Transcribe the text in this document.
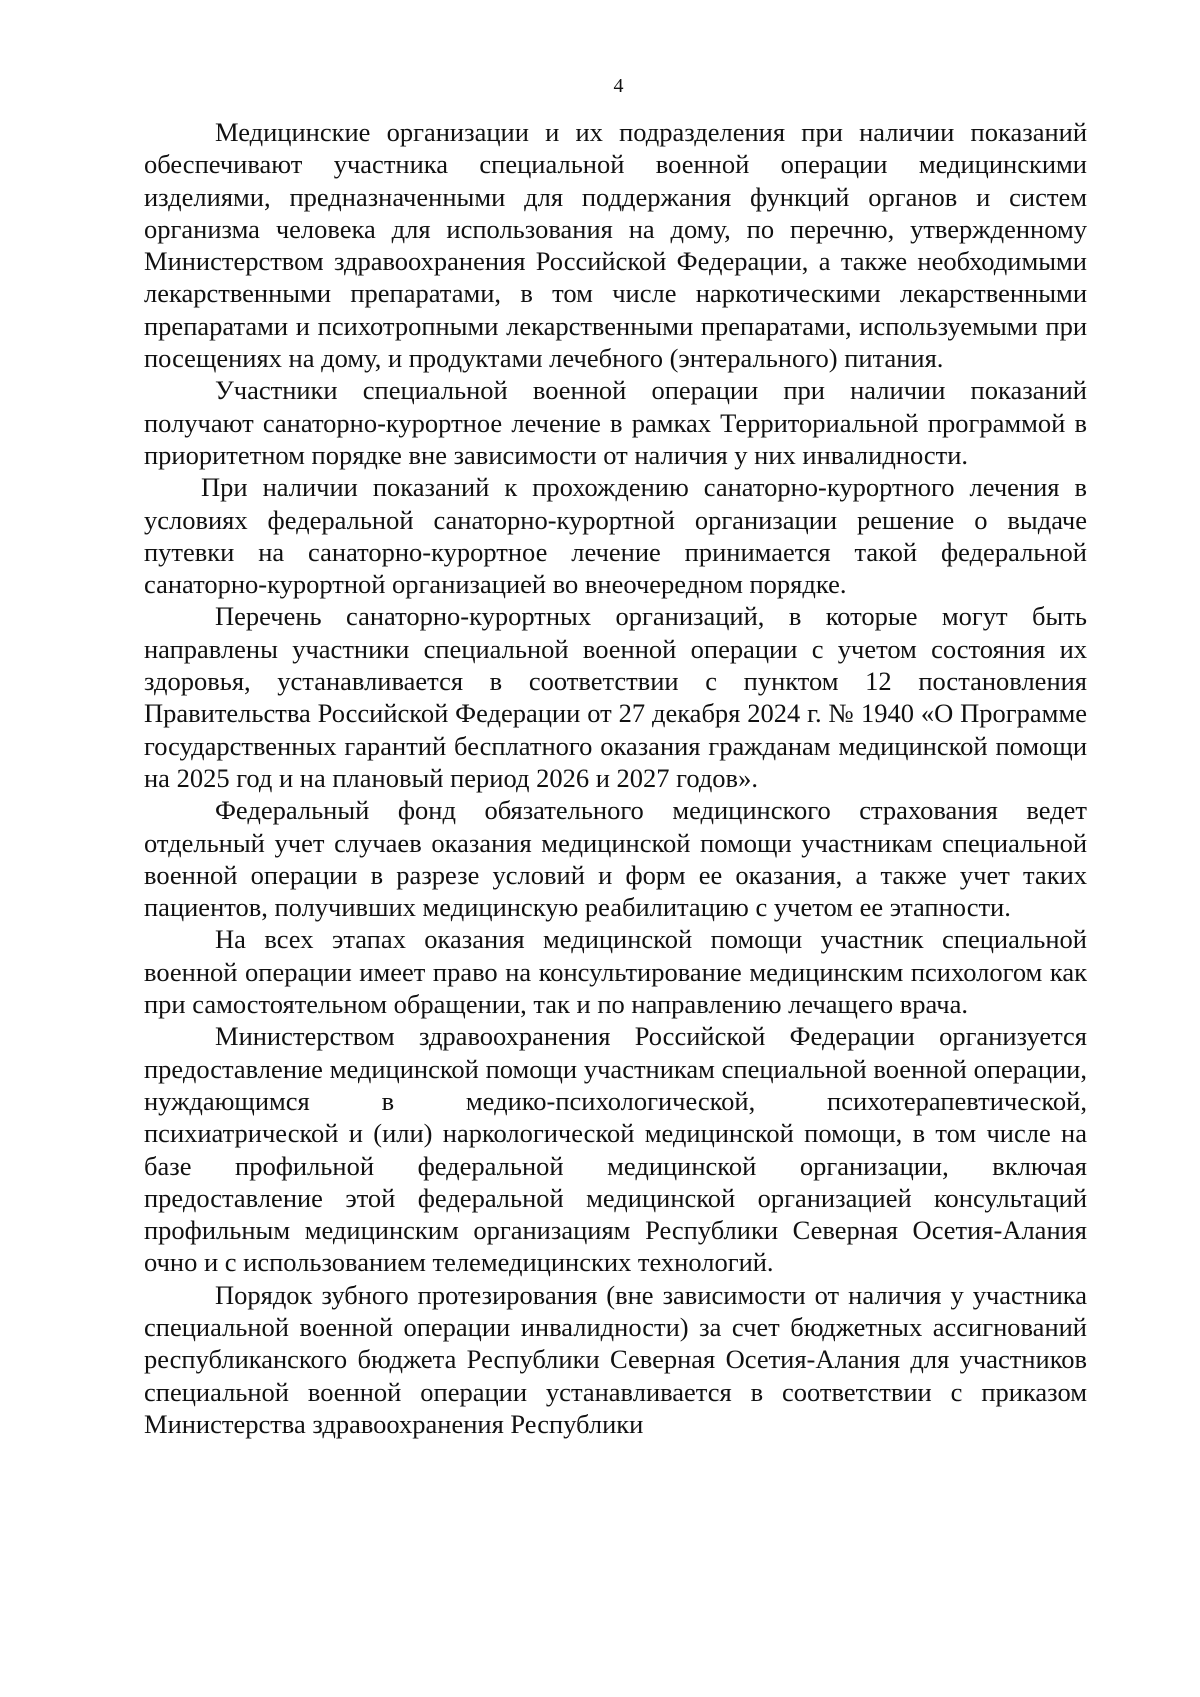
4

Медицинские организации и их подразделения при наличии показаний обеспечивают участника специальной военной операции медицинскими изделиями, предназначенными для поддержания функций органов и систем организма человека для использования на дому, по перечню, утвержденному Министерством здравоохранения Российской Федерации, а также необходимыми лекарственными препаратами, в том числе наркотическими лекарственными препаратами и психотропными лекарственными препаратами, используемыми при посещениях на дому, и продуктами лечебного (энтерального) питания.

Участники специальной военной операции при наличии показаний получают санаторно-курортное лечение в рамках Территориальной программой в приоритетном порядке вне зависимости от наличия у них инвалидности.

При наличии показаний к прохождению санаторно-курортного лечения в условиях федеральной санаторно-курортной организации решение о выдаче путевки на санаторно-курортное лечение принимается такой федеральной санаторно-курортной организацией во внеочередном порядке.

Перечень санаторно-курортных организаций, в которые могут быть направлены участники специальной военной операции с учетом состояния их здоровья, устанавливается в соответствии с пунктом 12 постановления Правительства Российской Федерации от 27 декабря 2024 г. № 1940 «О Программе государственных гарантий бесплатного оказания гражданам медицинской помощи на 2025 год и на плановый период 2026 и 2027 годов».

Федеральный фонд обязательного медицинского страхования ведет отдельный учет случаев оказания медицинской помощи участникам специальной военной операции в разрезе условий и форм ее оказания, а также учет таких пациентов, получивших медицинскую реабилитацию с учетом ее этапности.

На всех этапах оказания медицинской помощи участник специальной военной операции имеет право на консультирование медицинским психологом как при самостоятельном обращении, так и по направлению лечащего врача.

Министерством здравоохранения Российской Федерации организуется предоставление медицинской помощи участникам специальной военной операции, нуждающимся в медико-психологической, психотерапевтической, психиатрической и (или) наркологической медицинской помощи, в том числе на базе профильной федеральной медицинской организации, включая предоставление этой федеральной медицинской организацией консультаций профильным медицинским организациям Республики Северная Осетия-Алания очно и с использованием телемедицинских технологий.

Порядок зубного протезирования (вне зависимости от наличия у участника специальной военной операции инвалидности) за счет бюджетных ассигнований республиканского бюджета Республики Северная Осетия-Алания для участников специальной военной операции устанавливается в соответствии с приказом Министерства здравоохранения Республики
